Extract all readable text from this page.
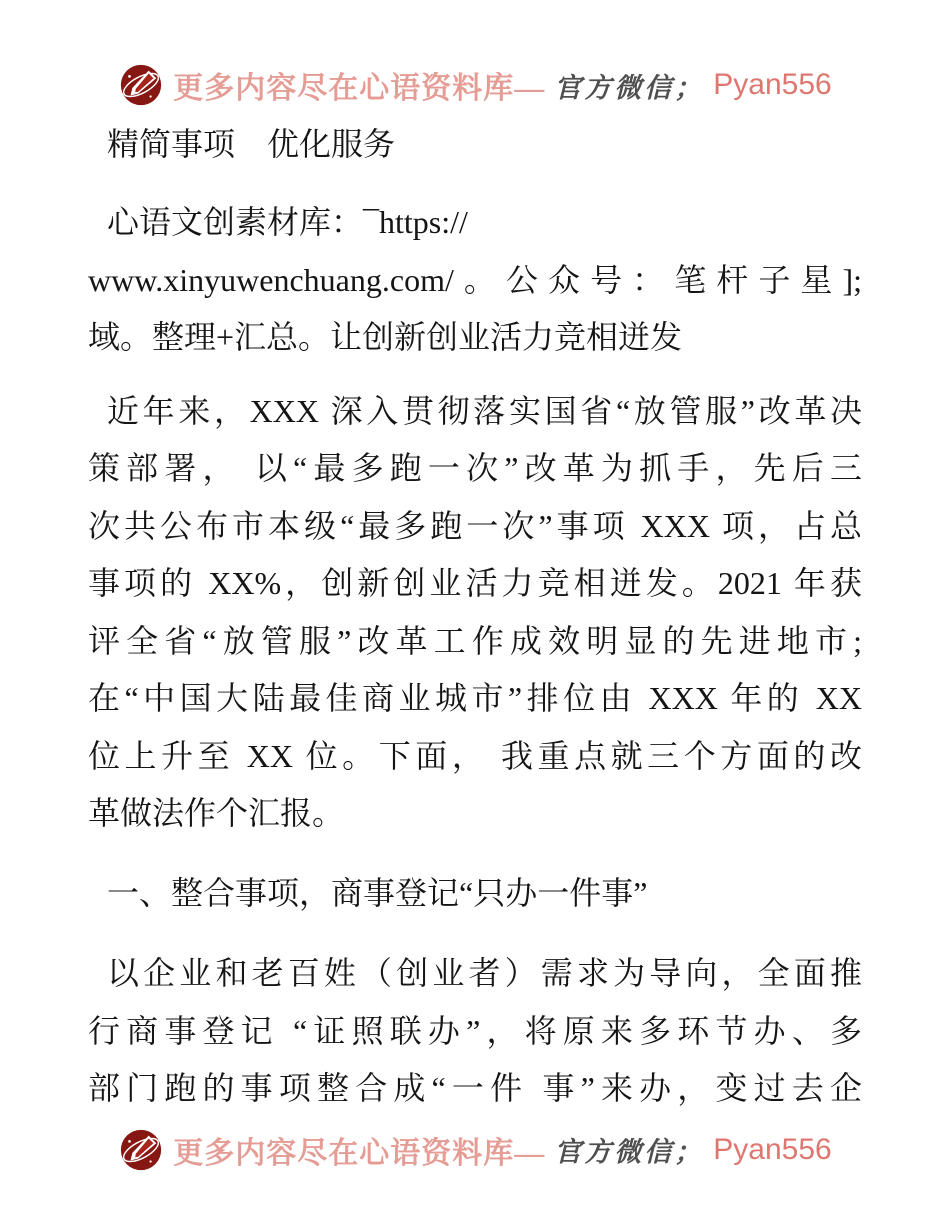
更多内容尽在心语资料库— 官方微信； Pyan556
精简事项　优化服务
心语文创素材库：¯https://
www.xinyuwenchuang.com/。公众号：笔杆子星];
域。整理+汇总。让创新创业活力竞相迸发
近年来，XXX 深入贯彻落实国省“放管服”改革决
策部署， 以“最多跑一次”改革为抓手，先后三
次共公布市本级“最多跑一次”事项 XXX 项，占总
事项的 XX%，创新创业活力竞相迸发。2021 年获
评全省“放管服”改革工作成效明显的先进地市;
在“中国大陆最佳商业城市”排位由 XXX 年的 XX
位上升至 XX 位。下面， 我重点就三个方面的改
革做法作个汇报。
一、整合事项，商事登记“只办一件事”
以企业和老百姓（创业者）需求为导向，全面推
行商事登记 “证照联办”，将原来多环节办、多
部门跑的事项整合成“一件 事”来办，变过去企
更多内容尽在心语资料库— 官方微信； Pyan556
